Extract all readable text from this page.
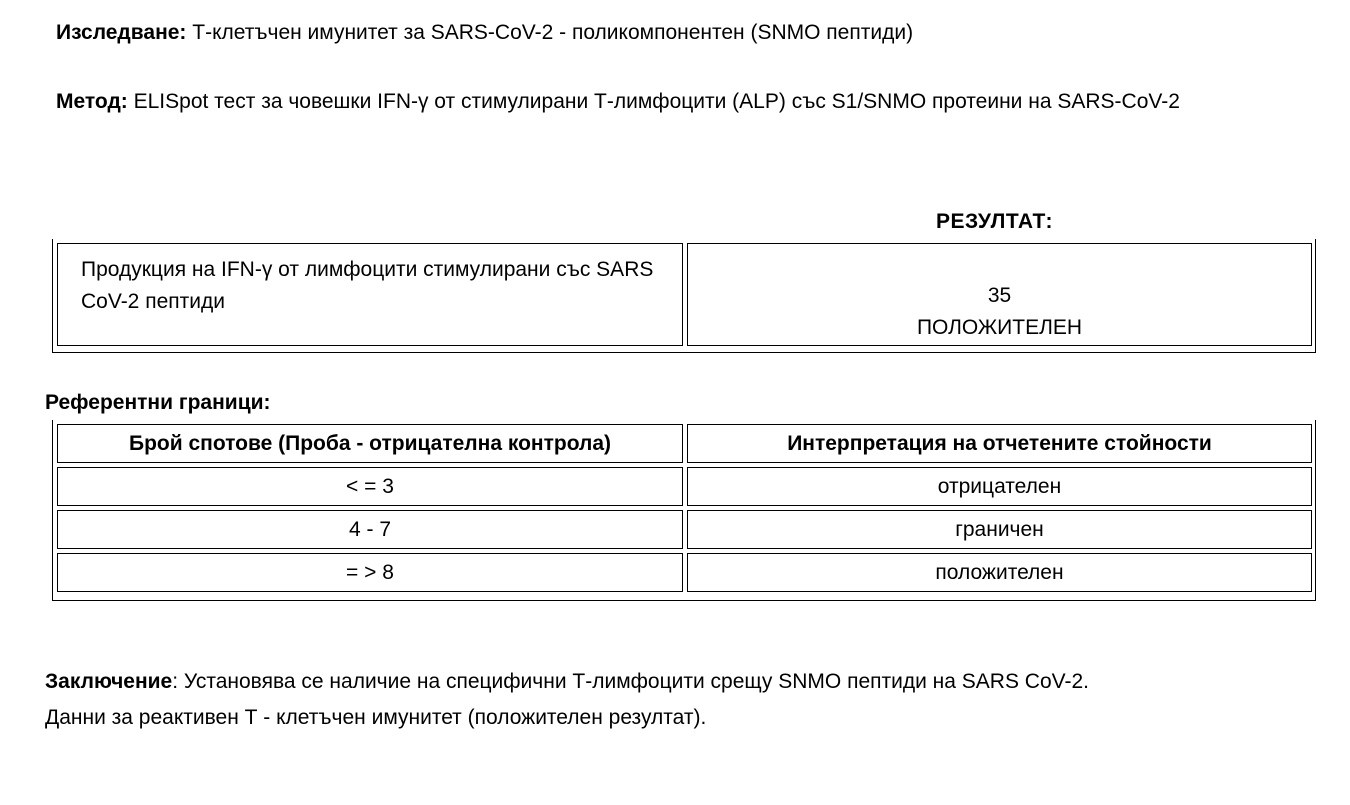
Изследване: Т-клетъчен имунитет за SARS-CoV-2 - поликомпонентен (SNMO пептиди)
Метод: ELISpot тест за човешки IFN-γ от стимулирани Т-лимфоцити (ALP) със S1/SNMO протеини на SARS-CoV-2
РЕЗУЛТАТ:
Продукция на IFN-γ от лимфоцити стимулирани със SARS CoV-2 пептиди	35
ПОЛОЖИТЕЛЕН
Референтни граници:
Брой спотове (Проба - отрицателна контрола)	Интерпретация на отчетените стойности
< = 3	отрицателен
4 - 7	граничен
= > 8	положителен
Заключение: Установява се наличие на специфични Т-лимфоцити срещу SNMO пептиди на SARS CoV-2.
Данни за реактивен Т - клетъчен имунитет (положителен резултат).
